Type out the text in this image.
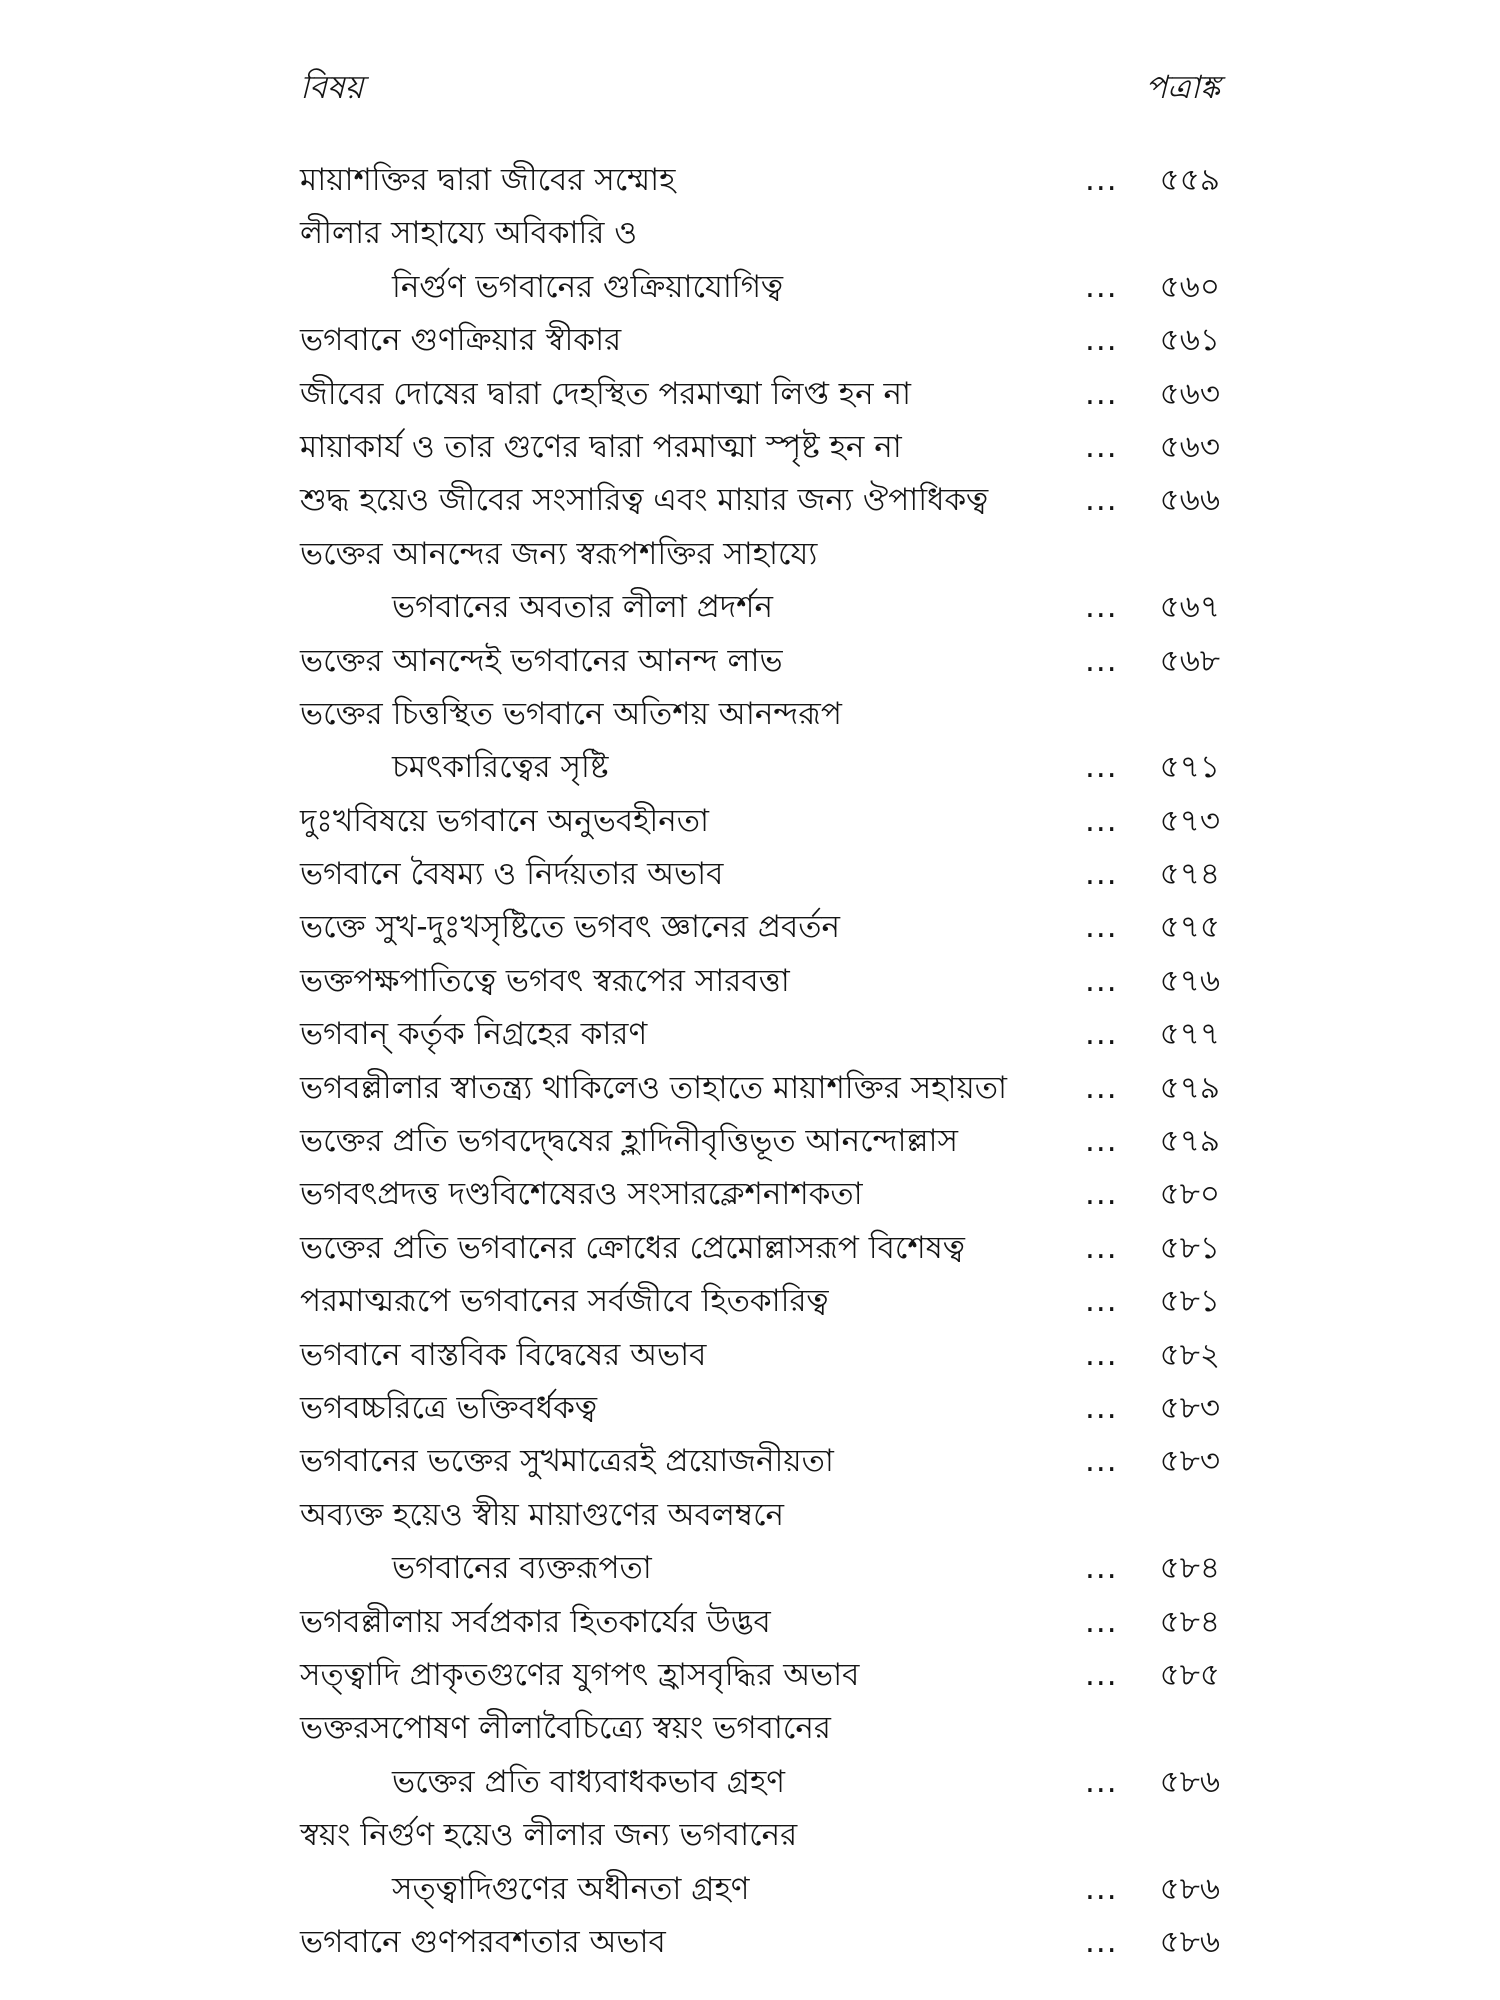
বিষয়	পত্রাঙ্ক
মায়াশক্তির দ্বারা জীবের সম্মোহ	... ৫৫৯
লীলার সাহায্যে অবিকারি ও
নির্গুণ ভগবানের গুক্রিয়াযোগিত্ব	... ৫৬০
ভগবানে গুণক্রিয়ার স্বীকার	... ৫৬১
জীবের দোষের দ্বারা দেহস্থিত পরমাত্মা লিপ্ত হন না	... ৫৬৩
মায়াকার্য ও তার গুণের দ্বারা পরমাত্মা স্পৃষ্ট হন না	... ৫৬৩
শুদ্ধ হয়েও জীবের সংসারিত্ব এবং মায়ার জন্য ঔপাধিকত্ব	... ৫৬৬
ভক্তের আনন্দের জন্য স্বরূপশক্তির সাহায্যে
ভগবানের অবতার লীলা প্রদর্শন	... ৫৬৭
ভক্তের আনন্দেই ভগবানের আনন্দ লাভ	... ৫৬৮
ভক্তের চিত্তস্থিত ভগবানে অতিশয় আনন্দরূপ
চমৎকারিত্বের সৃষ্টি	... ৫৭১
দুঃখবিষয়ে ভগবানে অনুভবহীনতা	... ৫৭৩
ভগবানে বৈষম্য ও নির্দয়তার অভাব	... ৫৭৪
ভক্তে সুখ-দুঃখসৃষ্টিতে ভগবৎ জ্ঞানের প্রবর্তন	... ৫৭৫
ভক্তপক্ষপাতিত্বে ভগবৎ স্বরূপের সারবত্তা	... ৫৭৬
ভগবান্ কর্তৃক নিগ্রহের কারণ	... ৫৭৭
ভগবল্লীলার স্বাতন্ত্র্য থাকিলেও তাহাতে মায়াশক্তির সহায়তা	... ৫৭৯
ভক্তের প্রতি ভগবদ্দ্বেষের হ্লাদিনীবৃত্তিভূত আনন্দোল্লাস	... ৫৭৯
ভগবৎপ্রদত্ত দণ্ডবিশেষেরও সংসারক্লেশনাশকতা	... ৫৮০
ভক্তের প্রতি ভগবানের ক্রোধের প্রেমোল্লাসরূপ বিশেষত্ব	... ৫৮১
পরমাত্মরূপে ভগবানের সর্বজীবে হিতকারিত্ব	... ৫৮১
ভগবানে বাস্তবিক বিদ্বেষের অভাব	... ৫৮২
ভগবচ্চরিত্রে ভক্তিবর্ধকত্ব	... ৫৮৩
ভগবানের ভক্তের সুখমাত্রেরই প্রয়োজনীয়তা	... ৫৮৩
অব্যক্ত হয়েও স্বীয় মায়াগুণের অবলম্বনে
ভগবানের ব্যক্তরূপতা	... ৫৮৪
ভগবল্লীলায় সর্বপ্রকার হিতকার্যের উদ্ভব	... ৫৮৪
সত্ত্বাদি প্রাকৃতগুণের যুগপৎ হ্রাসবৃদ্ধির অভাব	... ৫৮৫
ভক্তরসপোষণ লীলাবৈচিত্র্যে স্বয়ং ভগবানের
ভক্তের প্রতি বাধ্যবাধকভাব গ্রহণ	... ৫৮৬
স্বয়ং নির্গুণ হয়েও লীলার জন্য ভগবানের
সত্ত্বাদিগুণের অধীনতা গ্রহণ	... ৫৮৬
ভগবানে গুণপরবশতার অভাব	... ৫৮৬
